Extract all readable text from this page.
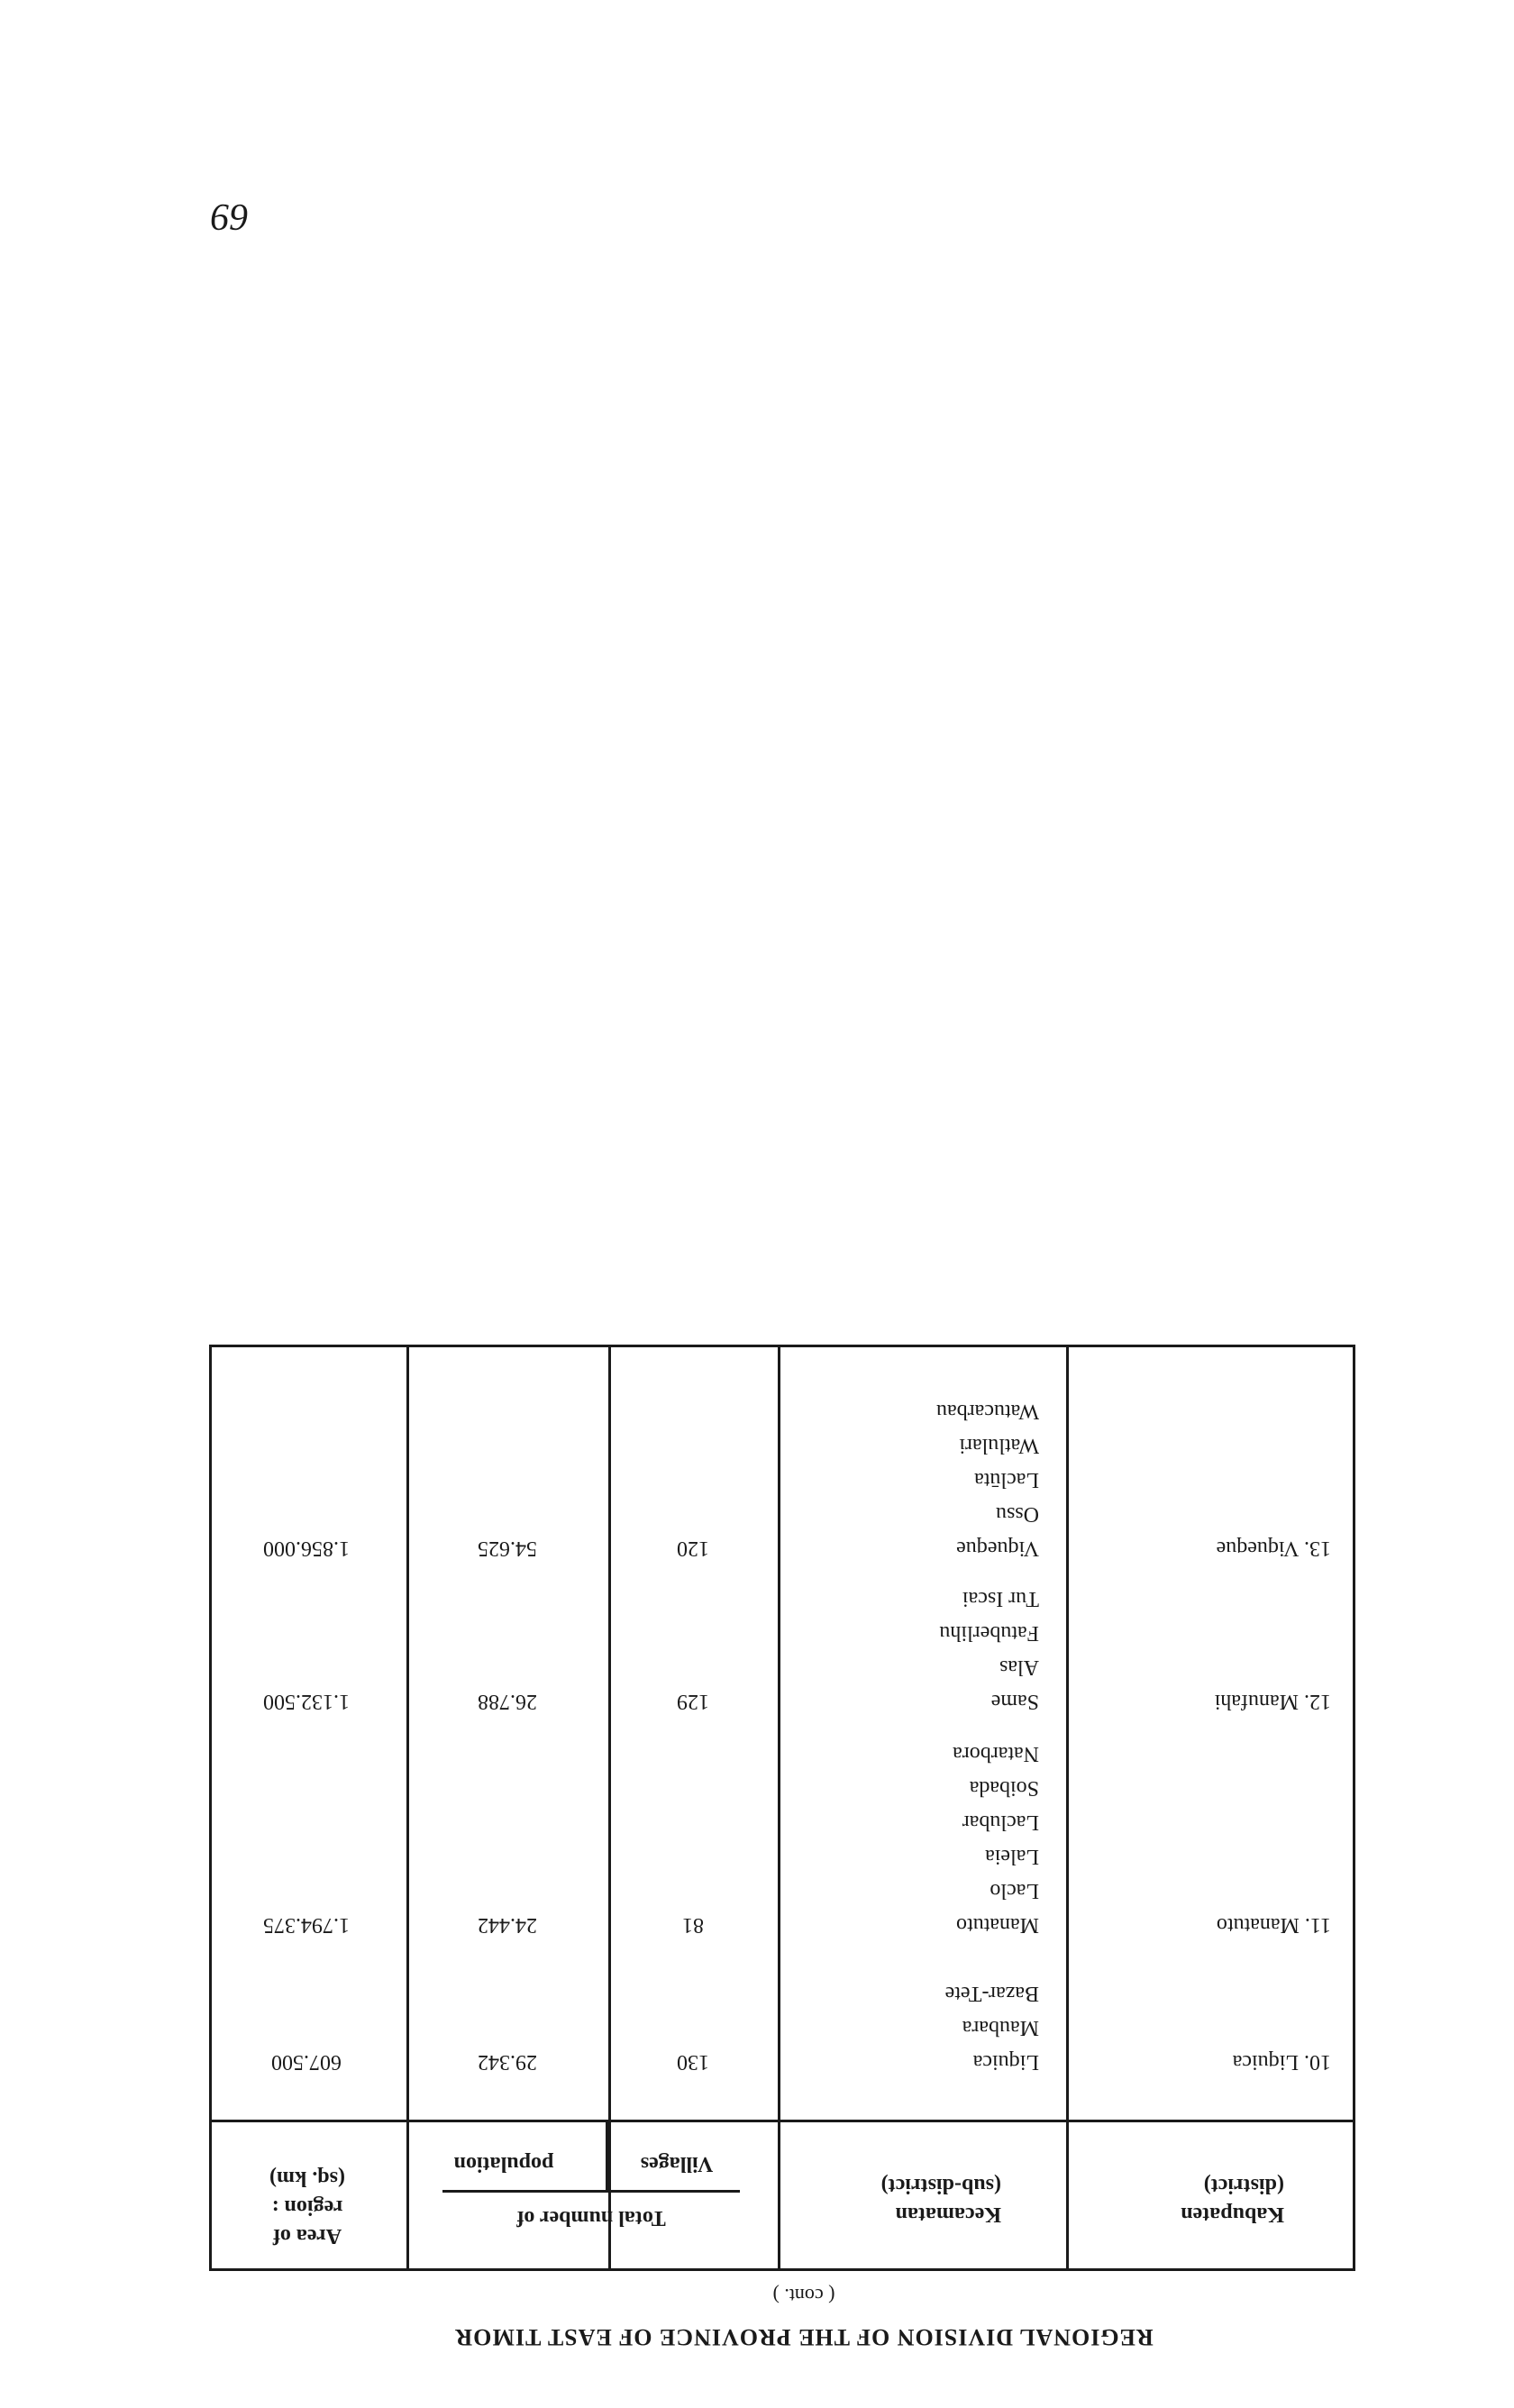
69
REGIONAL DIVISION OF THE PROVINCE OF EAST TIMOR
( cont. )
Kabupaten
(district)
Kecamatan
(sub-district)
Total number of
Villages
population
Area of
region :
(sq. km)
10. Liquica
Liquica
Maubara
Bazar-Tete
130
29.342
607.500
11. Manatuto
Manatuto
Laclo
Laleia
Laclubar
Soibada
Natarbora
81
24.442
1.794.375
12. Manufahi
Same
Alas
Fatuberlihu
Tur Iscai
129
26.788
1.132.500
13. Viqueque
Viqueque
Ossu
Laclūta
Watlulari
Watucarbau
120
54.625
1.856.000
